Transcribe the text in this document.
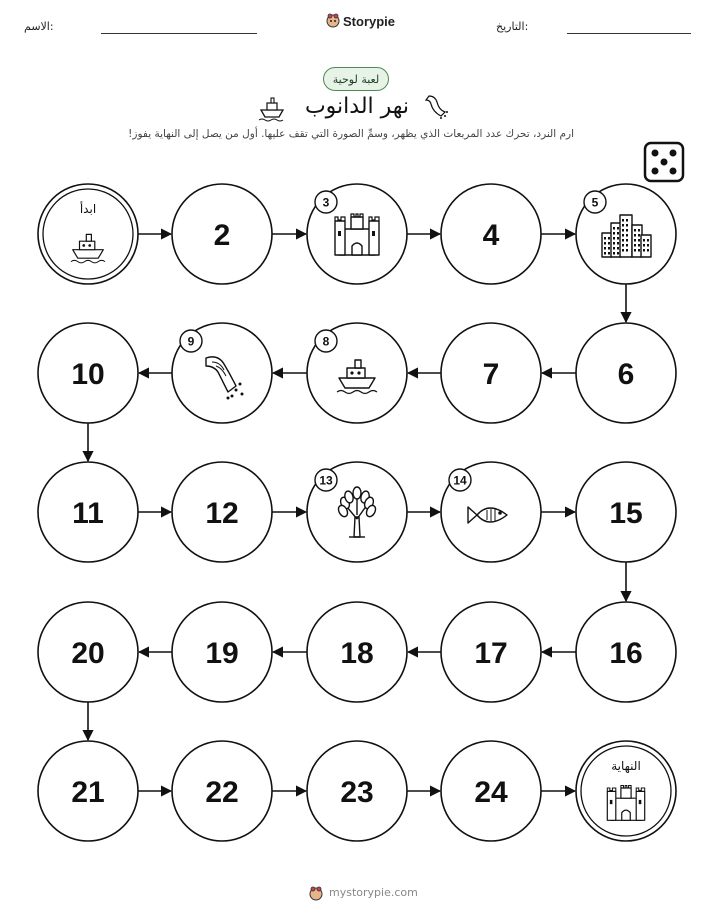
الاسم:	Storypie	التاريخ:
لعبة لوحية
نهر الدانوب
ارم النرد، تحرك عدد المربعات الذي يظهر، وسمِّ الصورة التي تقف عليها. أول من يصل إلى النهاية يفوز!
ابدأ
2
3
4
5
6
7
8
9
10
11	12
13	14
15
16
17
18
19
20
21	22	23	24
النهاية
mystorypie.com
